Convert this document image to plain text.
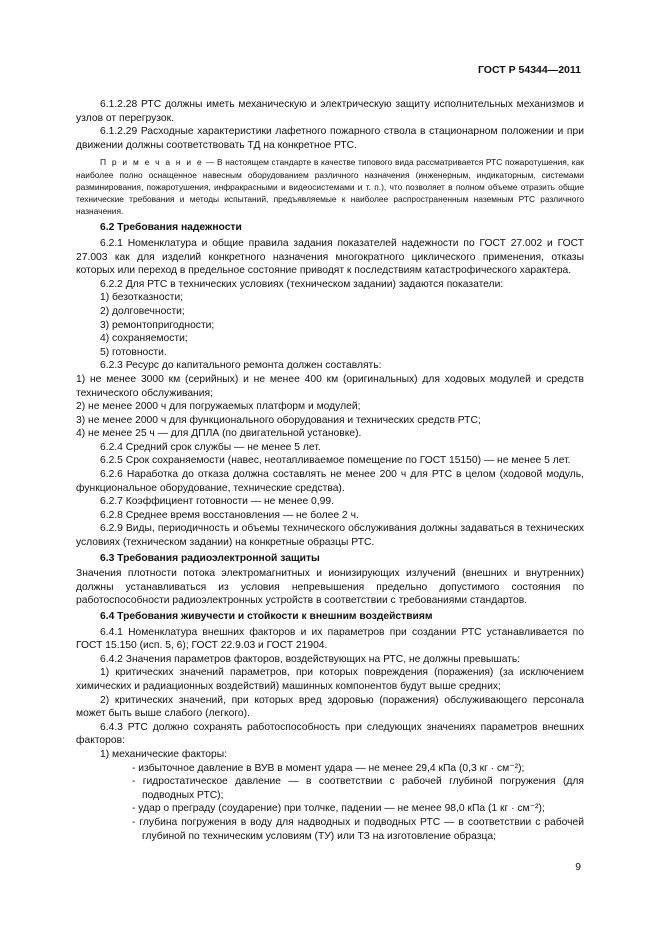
ГОСТ Р 54344—2011

6.1.2.28 РТС должны иметь механическую и электрическую защиту исполнительных механизмов и узлов от перегрузок.

6.1.2.29 Расходные характеристики лафетного пожарного ствола в стационарном положении и при движении должны соответствовать ТД на конкретное РТС.

П р и м е ч а н и е — В настоящем стандарте в качестве типового вида рассматривается РТС пожаротушения, как наиболее полно оснащенное навесным оборудованием различного назначения (инженерным, индикаторным, системами разминирования, пожаротушения, инфракрасными и видеосистемами и т. п.), что позволяет в полном объеме отразить общие технические требования и методы испытаний, предъявляемые к наиболее распространенным наземным РТС различного назначения.

6.2 Требования надежности

6.2.1 Номенклатура и общие правила задания показателей надежности по ГОСТ 27.002 и ГОСТ 27.003 как для изделий конкретного назначения многократного циклического применения, отказы которых или переход в предельное состояние приводят к последствиям катастрофического характера.

6.2.2 Для РТС в технических условиях (техническом задании) задаются показатели:

1) безотказности;

2) долговечности;

3) ремонтопригодности;

4) сохраняемости;

5) готовности.

6.2.3 Ресурс до капитального ремонта должен составлять:

1) не менее 3000 км (серийных) и не менее 400 км (оригинальных) для ходовых модулей и средств технического обслуживания;

2) не менее 2000 ч для погружаемых платформ и модулей;

3) не менее 2000 ч для функционального оборудования и технических средств РТС;

4) не менее 25 ч — для ДПЛА (по двигательной установке).

6.2.4 Средний срок службы — не менее 5 лет.

6.2.5 Срок сохраняемости (навес, неотапливаемое помещение по ГОСТ 15150) — не менее 5 лет.

6.2.6 Наработка до отказа должна составлять не менее 200 ч для РТС в целом (ходовой модуль, функциональное оборудование, технические средства).

6.2.7 Коэффициент готовности — не менее 0,99.

6.2.8 Среднее время восстановления — не более 2 ч.

6.2.9 Виды, периодичность и объемы технического обслуживания должны задаваться в технических условиях (техническом задании) на конкретные образцы РТС.

6.3 Требования радиоэлектронной защиты

Значения плотности потока электромагнитных и ионизирующих излучений (внешних и внутренних) должны устанавливаться из условия непревышения предельно допустимого состояния по работоспособности радиоэлектронных устройств в соответствии с требованиями стандартов.

6.4 Требования живучести и стойкости к внешним воздействиям

6.4.1 Номенклатура внешних факторов и их параметров при создании РТС устанавливается по ГОСТ 15.150 (исп. 5, 6); ГОСТ 22.9.03 и ГОСТ 21904.

6.4.2 Значения параметров факторов, воздействующих на РТС, не должны превышать:

1) критических значений параметров, при которых повреждения (поражения) (за исключением химических и радиационных воздействий) машинных компонентов будут выше средних;

2) критических значений, при которых вред здоровью (поражения) обслуживающего персонала может быть выше слабого (легкого).

6.4.3 РТС должно сохранять работоспособность при следующих значениях параметров внешних факторов:

1) механические факторы:

- избыточное давление в ВУВ в момент удара — не менее 29,4 кПа (0,3 кг · см⁻²);

- гидростатическое давление — в соответствии с рабочей глубиной погружения (для подводных РТС);

- удар о преграду (соударение) при толчке, падении — не менее 98,0 кПа (1 кг · см⁻²);

- глубина погружения в воду для надводных и подводных РТС — в соответствии с рабочей глубиной по техническим условиям (ТУ) или ТЗ на изготовление образца;

9
